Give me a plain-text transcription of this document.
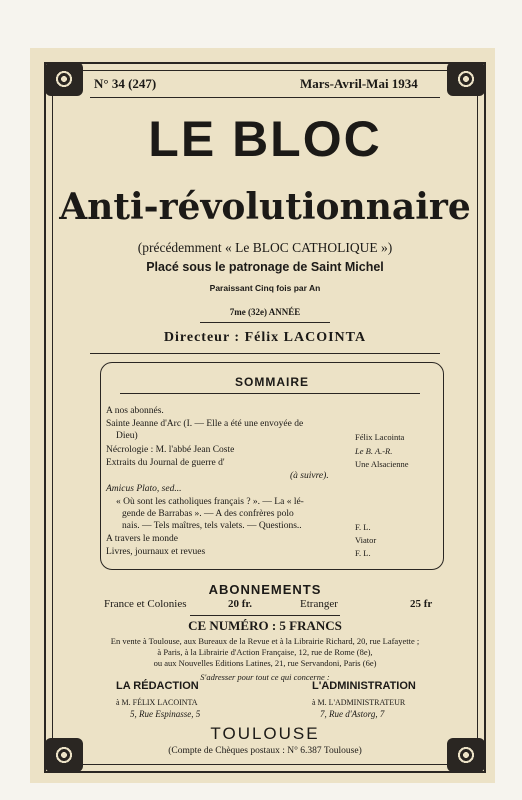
N° 34 (247)	Mars-Avril-Mai 1934
LE BLOC
Anti-révolutionnaire
(précédemment « Le BLOC CATHOLIQUE »)
Placé sous le patronage de Saint Michel
Paraissant Cinq fois par An
7me (32e) ANNÉE
Directeur : Félix LACOINTA
SOMMAIRE
A nos abonnés.
Sainte Jeanne d'Arc (I. — Elle a été une envoyée de
Dieu)	Félix Lacointa
Nécrologie : M. l'abbé Jean Coste	Le B. A.-R.
Extraits du Journal de guerre d'	Une Alsacienne
(à suivre).
Amicus Plato, sed...
« Où sont les catholiques français ? ». — La « lé-
gende de Barrabas ». — A des confrères polo
nais. — Tels maîtres, tels valets. — Questions..	F. L.
A travers le monde	Viator
Livres, journaux et revues	F. L.
ABONNEMENTS
France et Colonies	20 fr.	Etranger	25 fr
CE NUMÉRO : 5 FRANCS
En vente à Toulouse, aux Bureaux de la Revue et à la Librairie Richard, 20, rue Lafayette ;
à Paris, à la Librairie d'Action Française, 12, rue de Rome (8e),
ou aux Nouvelles Editions Latines, 21, rue Servandoni, Paris (6e)
S'adresser pour tout ce qui concerne :
LA RÉDACTION	L'ADMINISTRATION
à M. FÉLIX LACOINTA	à M. L'ADMINISTRATEUR
5, Rue Espinasse, 5	7, Rue d'Astorg, 7
TOULOUSE
(Compte de Chèques postaux : N° 6.387 Toulouse)
